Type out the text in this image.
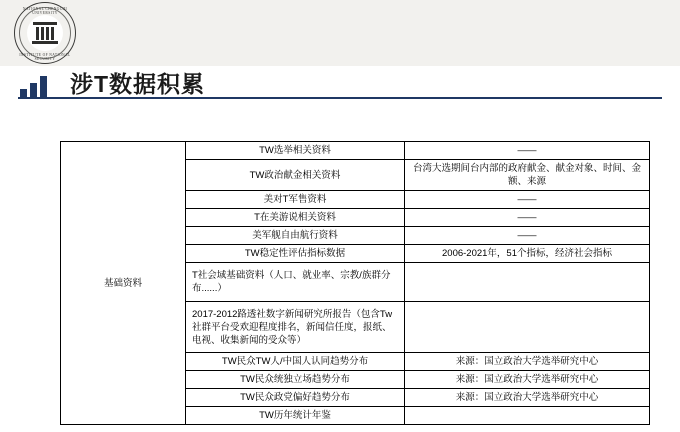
NATIONAL CHENGCHI UNIVERSITY
INSTITUTE OF NATIONAL SECURITY
涉T数据积累
基础资料	TW选举相关资料	——
	TW政治献金相关资料	台湾大选期间台内部的政府献金、献金对象、时间、金额、来源
	美对T军售资料	——
	T在美游说相关资料	——
	美军舰自由航行资料	——
	TW稳定性评估指标数据	2006-2021年，51个指标，经济社会指标
	T社会域基础资料（人口、就业率、宗教/族群分布......）	
	2017-2012路透社数字新闻研究所报告（包含Tw社群平台受欢迎程度排名，新闻信任度，报纸、电视、收集新闻的受众等）	
	TW民众TW人/中国人认同趋势分布	来源：国立政治大学选举研究中心
	TW民众统独立场趋势分布	来源：国立政治大学选举研究中心
	TW民众政党偏好趋势分布	来源：国立政治大学选举研究中心
	TW历年统计年鉴	
